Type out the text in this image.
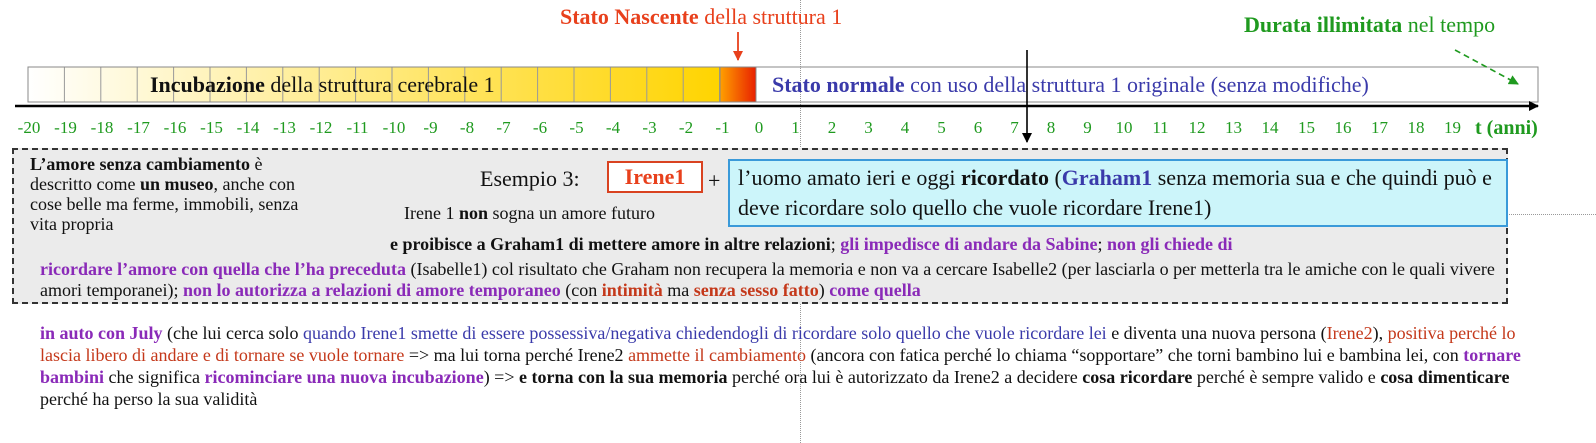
Stato Nascente della struttura 1	Durata illimitata nel tempo
Incubazione della struttura cerebrale 1	Stato normale con uso della struttura 1 originale (senza modifiche)
-20 -19 -18 -17 -16 -15 -14 -13 -12 -11 -10 -9 -8 -7 -6 -5 -4 -3 -2 -1 0 1 2 3 4 5 6 7 8 9 10 11 12 13 14 15 16 17 18 19 t (anni)
L’amore senza cambiamento è descritto come un museo, anche con cose belle ma ferme, immobili, senza vita propria
Esempio 3:	Irene1	+ l’uomo amato ieri e oggi ricordato (Graham1 senza memoria sua e che quindi può e deve ricordare solo quello che vuole ricordare Irene1)
Irene 1 non sogna un amore futuro
e proibisce a Graham1 di mettere amore in altre relazioni; gli impedisce di andare da Sabine; non gli chiede di
ricordare l’amore con quella che l’ha preceduta (Isabelle1) col risultato che Graham non recupera la memoria e non va a cercare Isabelle2 (per lasciarla o per metterla tra le amiche con le quali vivere amori temporanei); non lo autorizza a relazioni di amore temporaneo (con intimità ma senza sesso fatto) come quella
in auto con July (che lui cerca solo quando Irene1 smette di essere possessiva/negativa chiedendogli di ricordare solo quello che vuole ricordare lei e diventa una nuova persona (Irene2), positiva perché lo lascia libero di andare e di tornare se vuole tornare => ma lui torna perché Irene2 ammette il cambiamento (ancora con fatica perché lo chiama “sopportare” che torni bambino lui e bambina lei, con tornare bambini che significa ricominciare una nuova incubazione) => e torna con la sua memoria perché ora lui è autorizzato da Irene2 a decidere cosa ricordare perché è sempre valido e cosa dimenticare perché ha perso la sua validità
